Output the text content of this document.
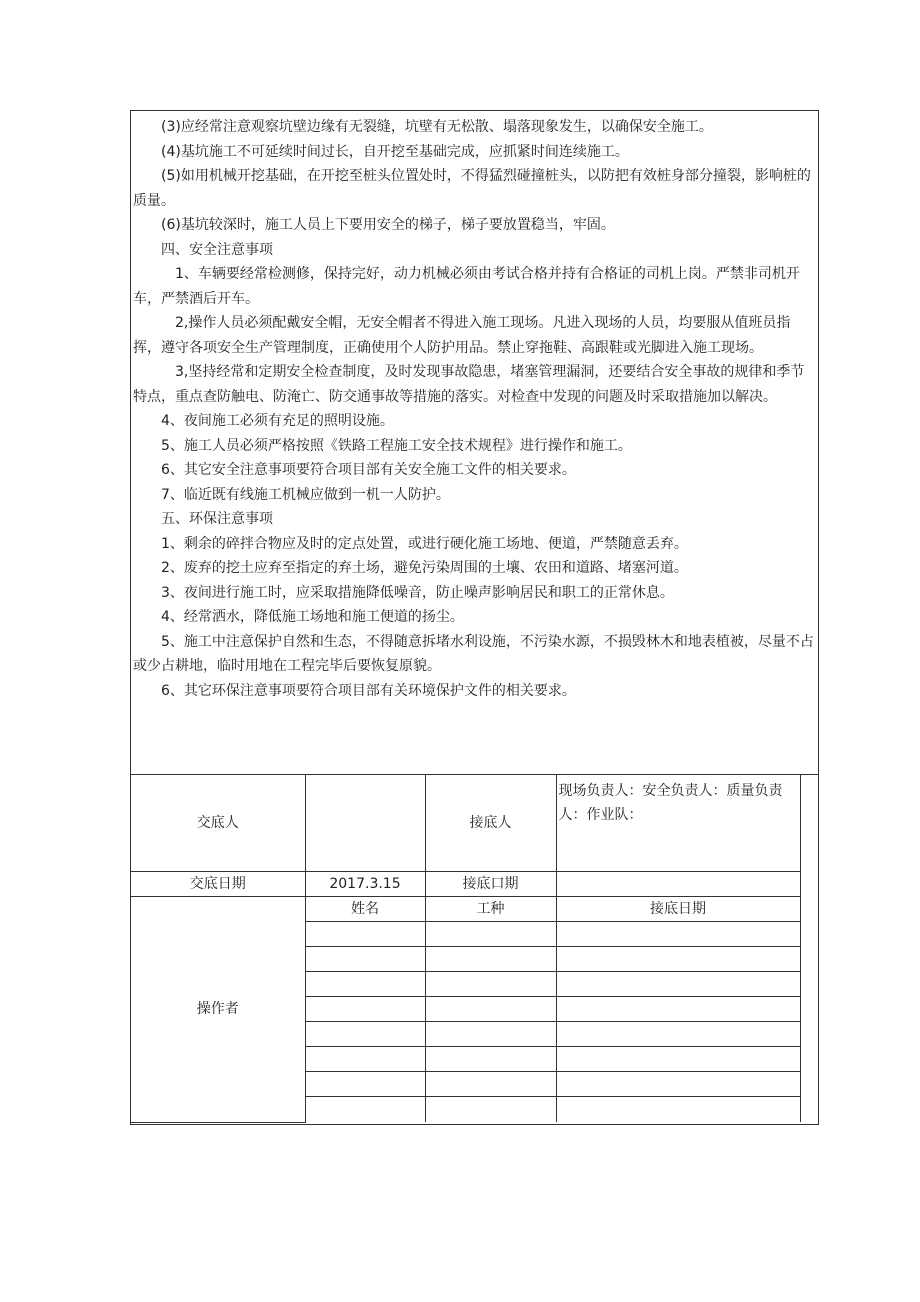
(3)应经常注意观察坑壁边缘有无裂缝，坑壁有无松散、塌落现象发生，以确保安全施工。

(4)基坑施工不可延续时间过长，自开挖至基础完成，应抓紧时间连续施工。

(5)如用机械开挖基础，在开挖至桩头位置处时，不得猛烈碰撞桩头，以防把有效桩身部分撞裂，影响桩的质量。

(6)基坑较深时，施工人员上下要用安全的梯子，梯子要放置稳当，牢固。

四、安全注意事项

1、车辆要经常检测修，保持完好，动力机械必须由考试合格并持有合格证的司机上岗。严禁非司机开车，严禁酒后开车。

2,操作人员必须配戴安全帽，无安全帽者不得进入施工现场。凡进入现场的人员，均要服从值班员指挥，遵守各项安全生产管理制度，正确使用个人防护用品。禁止穿拖鞋、高跟鞋或光脚进入施工现场。

3,坚持经常和定期安全检查制度，及时发现事故隐患，堵塞管理漏洞，还要结合安全事故的规律和季节特点，重点查防触电、防淹亡、防交通事故等措施的落实。对检查中发现的问题及时采取措施加以解决。

4、夜间施工必须有充足的照明设施。

5、施工人员必须严格按照《铁路工程施工安全技术规程》进行操作和施工。

6、其它安全注意事项要符合项目部有关安全施工文件的相关要求。

7、临近既有线施工机械应做到一机一人防护。

五、环保注意事项

1、剩余的碎拌合物应及时的定点处置，或进行硬化施工场地、便道，严禁随意丢弃。

2、废弃的挖土应弃至指定的弃土场，避免污染周围的土壤、农田和道路、堵塞河道。

3、夜间进行施工时，应采取措施降低噪音，防止噪声影响居民和职工的正常休息。

4、经常洒水，降低施工场地和施工便道的扬尘。

5、施工中注意保护自然和生态，不得随意拆堵水利设施，不污染水源，不损毁林木和地表植被，尽量不占或少占耕地，临时用地在工程完毕后要恢复原貌。

6、其它环保注意事项要符合项目部有关环境保护文件的相关要求。

交底人		接底人	现场负责人：安全负责人：质量负责人：作业队：
交底日期	2017.3.15	接底口期	
操作者	姓名	工种	接底日期
